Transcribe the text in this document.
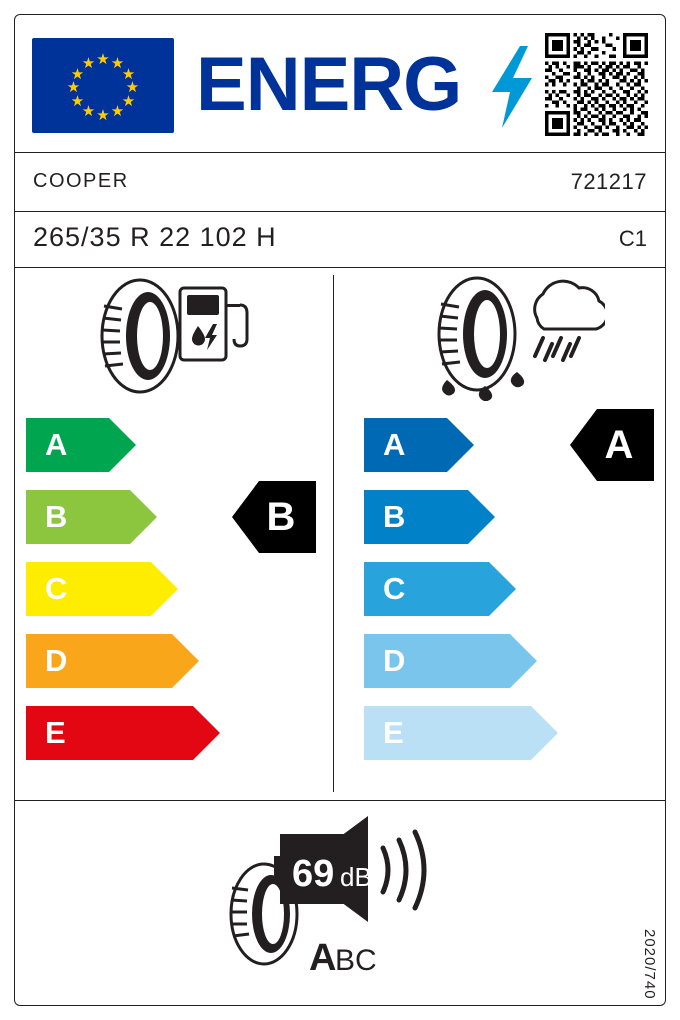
★
★ ★
★	★
★	★
★	★
★ ★
★ ENERG
COOPER	721217
265/35 R 22 102 H	C1
A
B
C
D
E
B
A
B
C
D
E
A
69 dB
A
BC	2020/740
